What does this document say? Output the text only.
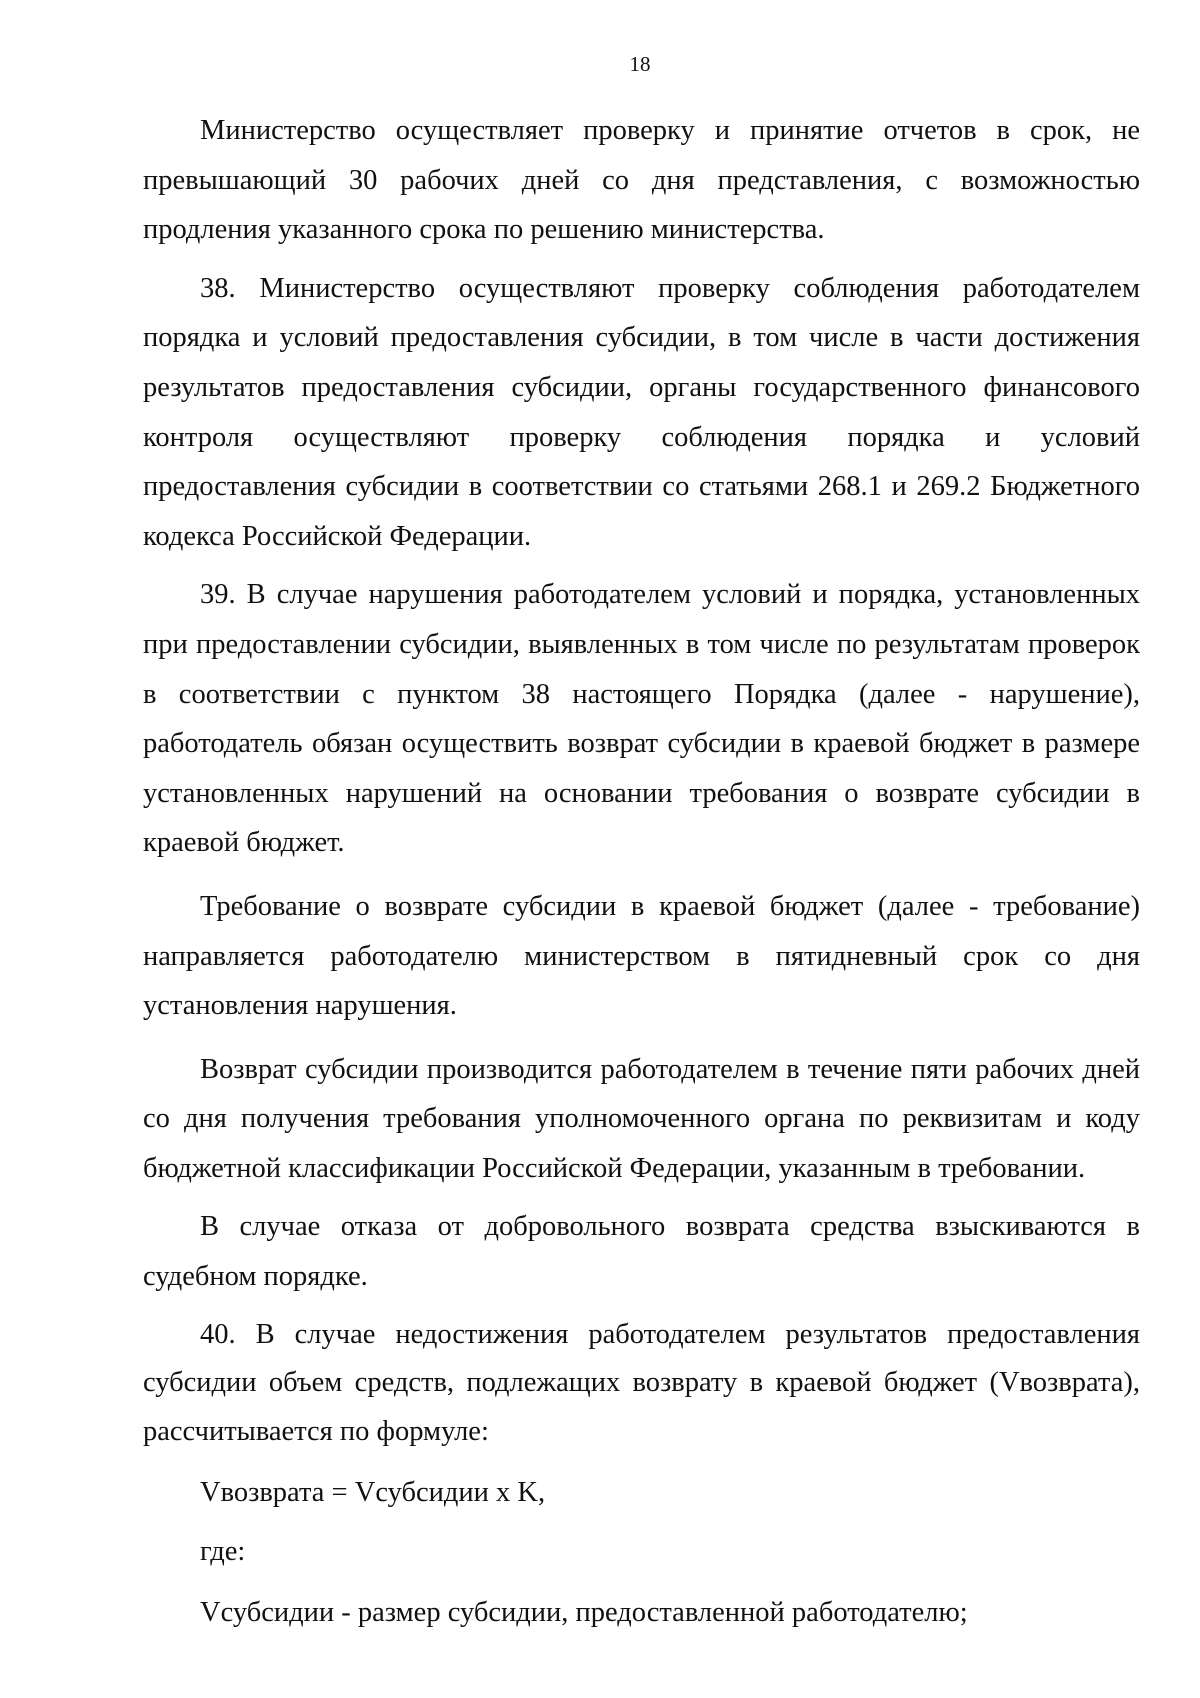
18

Министерство осуществляет проверку и принятие отчетов в срок, не превышающий 30 рабочих дней со дня представления, с возможностью продления указанного срока по решению министерства.

38. Министерство осуществляют проверку соблюдения работодателем порядка и условий предоставления субсидии, в том числе в части достижения результатов предоставления субсидии, органы государственного финансового контроля осуществляют проверку соблюдения порядка и условий предоставления субсидии в соответствии со статьями 268.1 и 269.2 Бюджетного кодекса Российской Федерации.

39. В случае нарушения работодателем условий и порядка, установленных при предоставлении субсидии, выявленных в том числе по результатам проверок в соответствии с пунктом 38 настоящего Порядка (далее - нарушение), работодатель обязан осуществить возврат субсидии в краевой бюджет в размере установленных нарушений на основании требования о возврате субсидии в краевой бюджет.

Требование о возврате субсидии в краевой бюджет (далее - требование) направляется работодателю министерством в пятидневный срок со дня установления нарушения.

Возврат субсидии производится работодателем в течение пяти рабочих дней со дня получения требования уполномоченного органа по реквизитам и коду бюджетной классификации Российской Федерации, указанным в требовании.

В случае отказа от добровольного возврата средства взыскиваются в судебном порядке.

40. В случае недостижения работодателем результатов предоставления субсидии объем средств, подлежащих возврату в краевой бюджет (Vвозврата), рассчитывается по формуле:

Vвозврата = Vсубсидии x K,

где:

Vсубсидии - размер субсидии, предоставленной работодателю;
